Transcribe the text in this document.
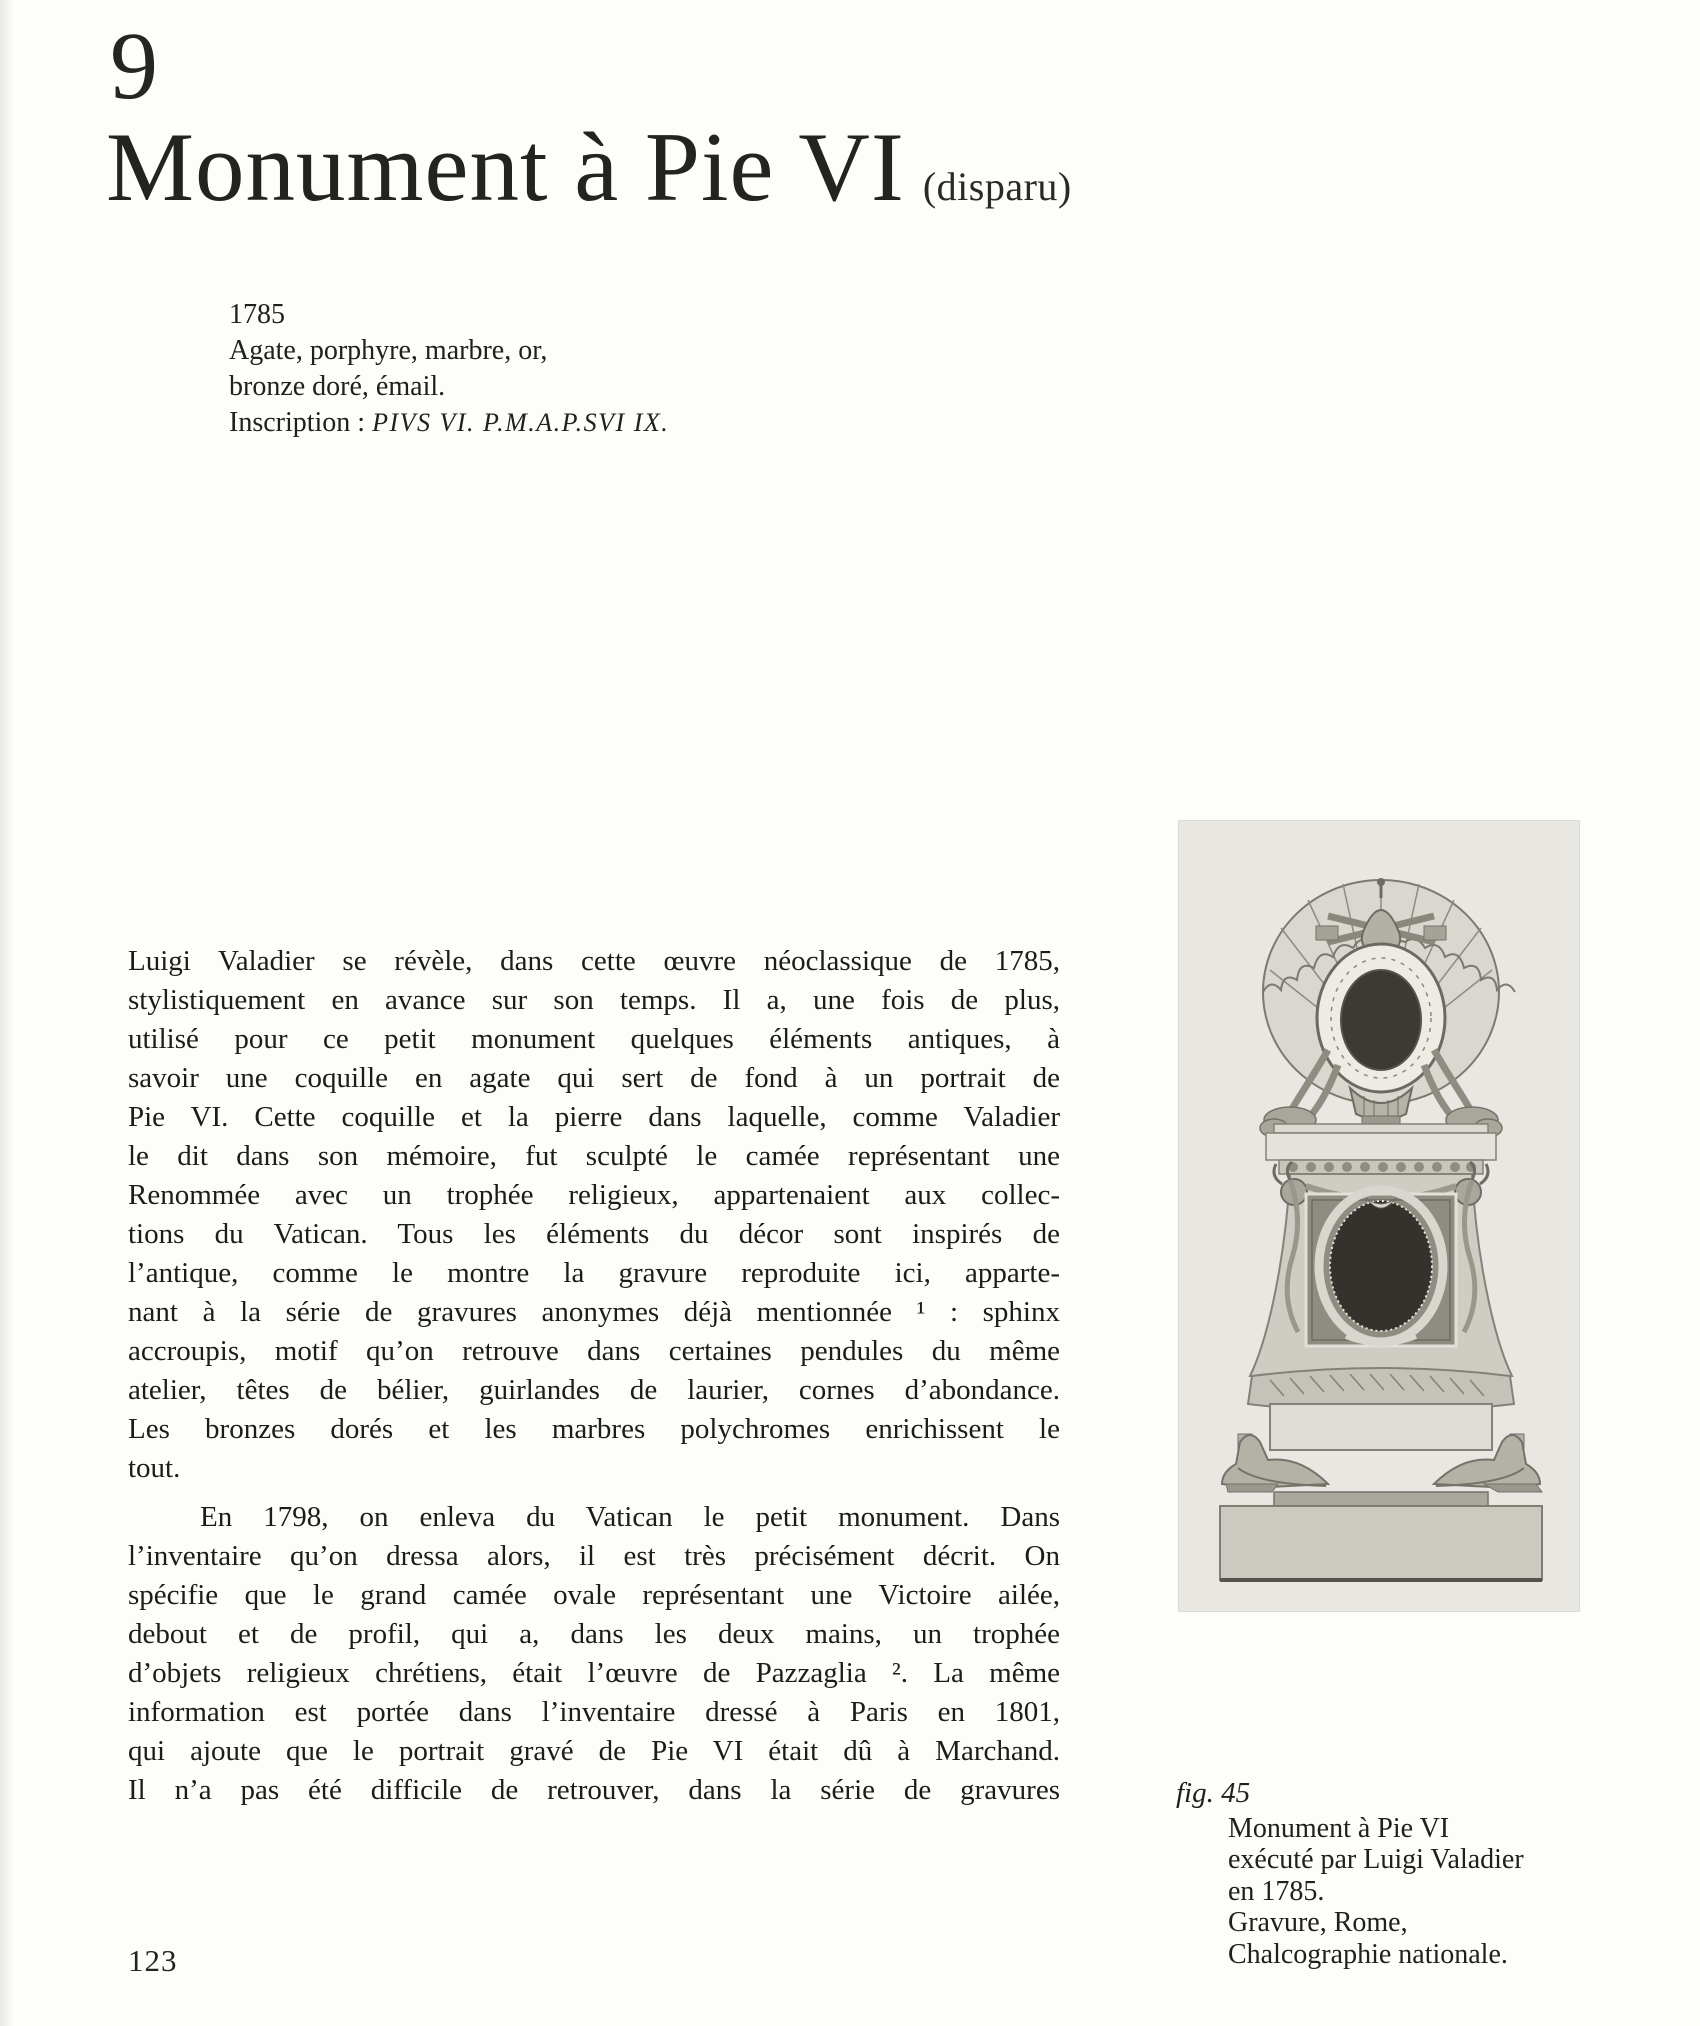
9
Monument à Pie VI (disparu)
1785
Agate, porphyre, marbre, or,
bronze doré, émail.
Inscription : PIVS VI. P.M.A.P.SVI IX.
Luigi Valadier se révèle, dans cette œuvre néoclassique de 1785,
stylistiquement en avance sur son temps. Il a, une fois de plus,
utilisé pour ce petit monument quelques éléments antiques, à
savoir une coquille en agate qui sert de fond à un portrait de
Pie VI. Cette coquille et la pierre dans laquelle, comme Valadier
le dit dans son mémoire, fut sculpté le camée représentant une
Renommée avec un trophée religieux, appartenaient aux collec-
tions du Vatican. Tous les éléments du décor sont inspirés de
l’antique, comme le montre la gravure reproduite ici, apparte-
nant à la série de gravures anonymes déjà mentionnée ¹ : sphinx
accroupis, motif qu’on retrouve dans certaines pendules du même
atelier, têtes de bélier, guirlandes de laurier, cornes d’abondance.
Les bronzes dorés et les marbres polychromes enrichissent le
tout.
En 1798, on enleva du Vatican le petit monument. Dans
l’inventaire qu’on dressa alors, il est très précisément décrit. On
spécifie que le grand camée ovale représentant une Victoire ailée,
debout et de profil, qui a, dans les deux mains, un trophée
d’objets religieux chrétiens, était l’œuvre de Pazzaglia ². La même
information est portée dans l’inventaire dressé à Paris en 1801,
qui ajoute que le portrait gravé de Pie VI était dû à Marchand.
Il n’a pas été difficile de retrouver, dans la série de gravures	fig. 45
Monument à Pie VI
exécuté par Luigi Valadier
en 1785.
Gravure, Rome,
Chalcographie nationale.
123
